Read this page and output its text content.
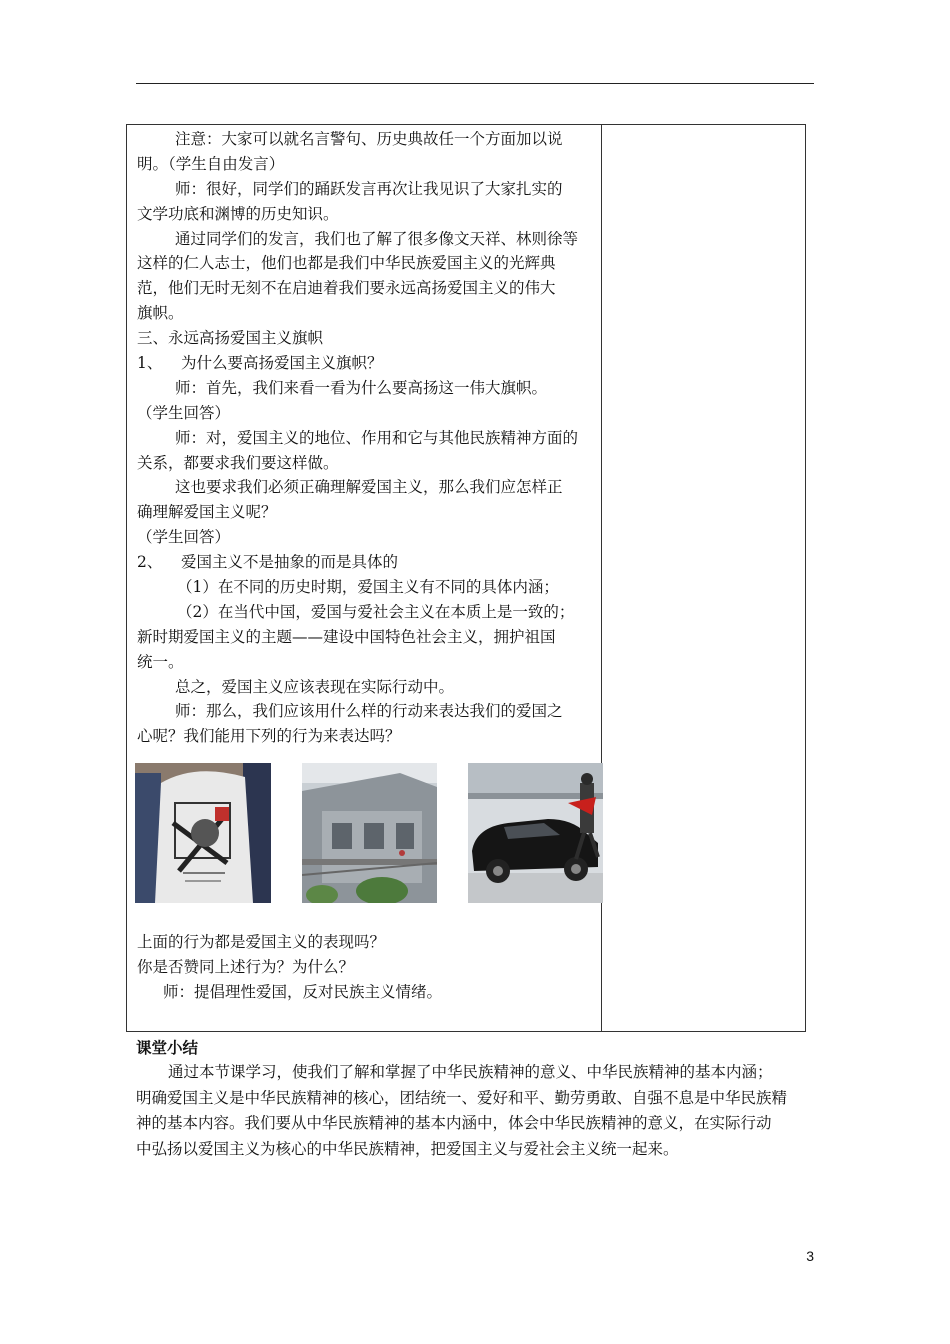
注意：大家可以就名言警句、历史典故任一个方面加以说
明。（学生自由发言）
师：很好，同学们的踊跃发言再次让我见识了大家扎实的
文学功底和渊博的历史知识。
通过同学们的发言，我们也了解了很多像文天祥、林则徐等
这样的仁人志士，他们也都是我们中华民族爱国主义的光辉典
范，他们无时无刻不在启迪着我们要永远高扬爱国主义的伟大
旗帜。
三、永远高扬爱国主义旗帜
1、 为什么要高扬爱国主义旗帜？
师：首先，我们来看一看为什么要高扬这一伟大旗帜。
（学生回答）
师：对，爱国主义的地位、作用和它与其他民族精神方面的
关系，都要求我们要这样做。
这也要求我们必须正确理解爱国主义，那么我们应怎样正
确理解爱国主义呢？
（学生回答）
2、 爱国主义不是抽象的而是具体的
（1）在不同的历史时期，爱国主义有不同的具体内涵；
（2）在当代中国，爱国与爱社会主义在本质上是一致的；
新时期爱国主义的主题——建设中国特色社会主义，拥护祖国
统一。
总之，爱国主义应该表现在实际行动中。
师：那么，我们应该用什么样的行动来表达我们的爱国之
心呢？我们能用下列的行为来表达吗？
上面的行为都是爱国主义的表现吗？
你是否赞同上述行为？为什么？
师：提倡理性爱国，反对民族主义情绪。
课堂小结
通过本节课学习，使我们了解和掌握了中华民族精神的意义、中华民族精神的基本内涵；
明确爱国主义是中华民族精神的核心，团结统一、爱好和平、勤劳勇敢、自强不息是中华民族精
神的基本内容。我们要从中华民族精神的基本内涵中，体会中华民族精神的意义，在实际行动
中弘扬以爱国主义为核心的中华民族精神，把爱国主义与爱社会主义统一起来。
3
